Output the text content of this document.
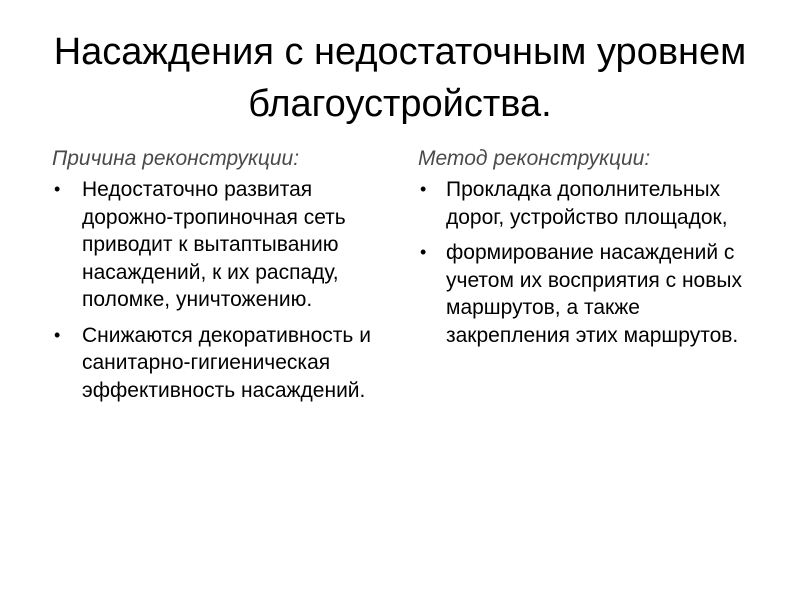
Насаждения с недостаточным уровнем благоустройства.
Причина реконструкции:
• Недостаточно развитая дорожно-тропиночная сеть приводит к вытаптыванию насаждений, к их распаду, поломке, уничтожению.
• Снижаются декоративность и санитарно-гигиеническая эффективность насаждений.
Метод реконструкции:
• Прокладка дополнительных дорог, устройство площадок,
• формирование насаждений с учетом их восприятия с новых маршрутов, а также закрепления этих маршрутов.
